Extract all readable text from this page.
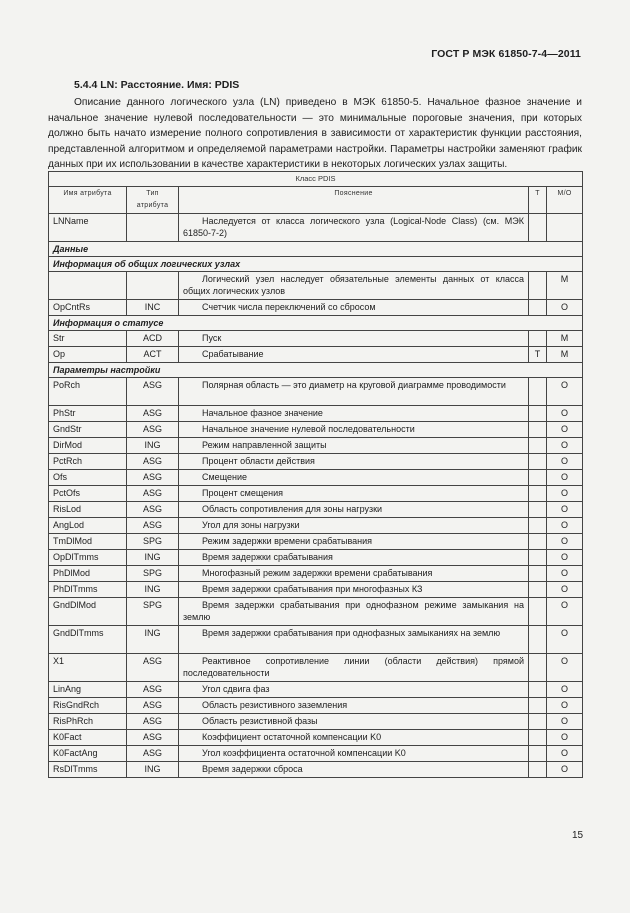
ГОСТ Р МЭК 61850-7-4—2011
5.4.4 LN: Расстояние. Имя: PDIS
Описание данного логического узла (LN) приведено в МЭК 61850-5. Начальное фазное значение и начальное значение нулевой последовательности — это минимальные пороговые значения, при которых должно быть начато измерение полного сопротивления в зависимости от характеристик функции расстояния, представленной алгоритмом и определяемой параметрами настройки. Параметры настройки заменяют график данных при их использовании в качестве характеристики в некоторых логических узлах защиты.
Класс PDIS				
Имя атрибута	Тип атрибута	Пояснение	T	M/O
LNName		Наследуется от класса логического узла (Logical-Node Class) (см. МЭК 61850-7-2)		
Данные				
Информация об общих логических узлах				
		Логический узел наследует обязательные элементы данных от класса общих логических узлов		M
OpCntRs	INC	Счетчик числа переключений со сбросом		O
Информация о статусе				
Str	ACD	Пуск		M
Op	ACT	Срабатывание	T	M
Параметры настройки				
PoRch	ASG	Полярная область — это диаметр на круговой диаграмме проводимости		O
PhStr	ASG	Начальное фазное значение		O
GndStr	ASG	Начальное значение нулевой последовательности		O
DirMod	ING	Режим направленной защиты		O
PctRch	ASG	Процент области действия		O
Ofs	ASG	Смещение		O
PctOfs	ASG	Процент смещения		O
RisLod	ASG	Область сопротивления для зоны нагрузки		O
AngLod	ASG	Угол для зоны нагрузки		O
TmDlMod	SPG	Режим задержки времени срабатывания		O
OpDlTmms	ING	Время задержки срабатывания		O
PhDlMod	SPG	Многофазный режим задержки времени срабатывания		O
PhDlTmms	ING	Время задержки срабатывания при многофазных КЗ		O
GndDlMod	SPG	Время задержки срабатывания при однофазном режиме замыкания на землю		O
GndDlTmms	ING	Время задержки срабатывания при однофазных замыканиях на землю		O
X1	ASG	Реактивное сопротивление линии (области действия) прямой последовательности		O
LinAng	ASG	Угол сдвига фаз		O
RisGndRch	ASG	Область резистивного заземления		O
RisPhRch	ASG	Область резистивной фазы		O
K0Fact	ASG	Коэффициент остаточной компенсации K0		O
K0FactAng	ASG	Угол коэффициента остаточной компенсации K0		O
RsDlTmms	ING	Время задержки сброса		O
15
